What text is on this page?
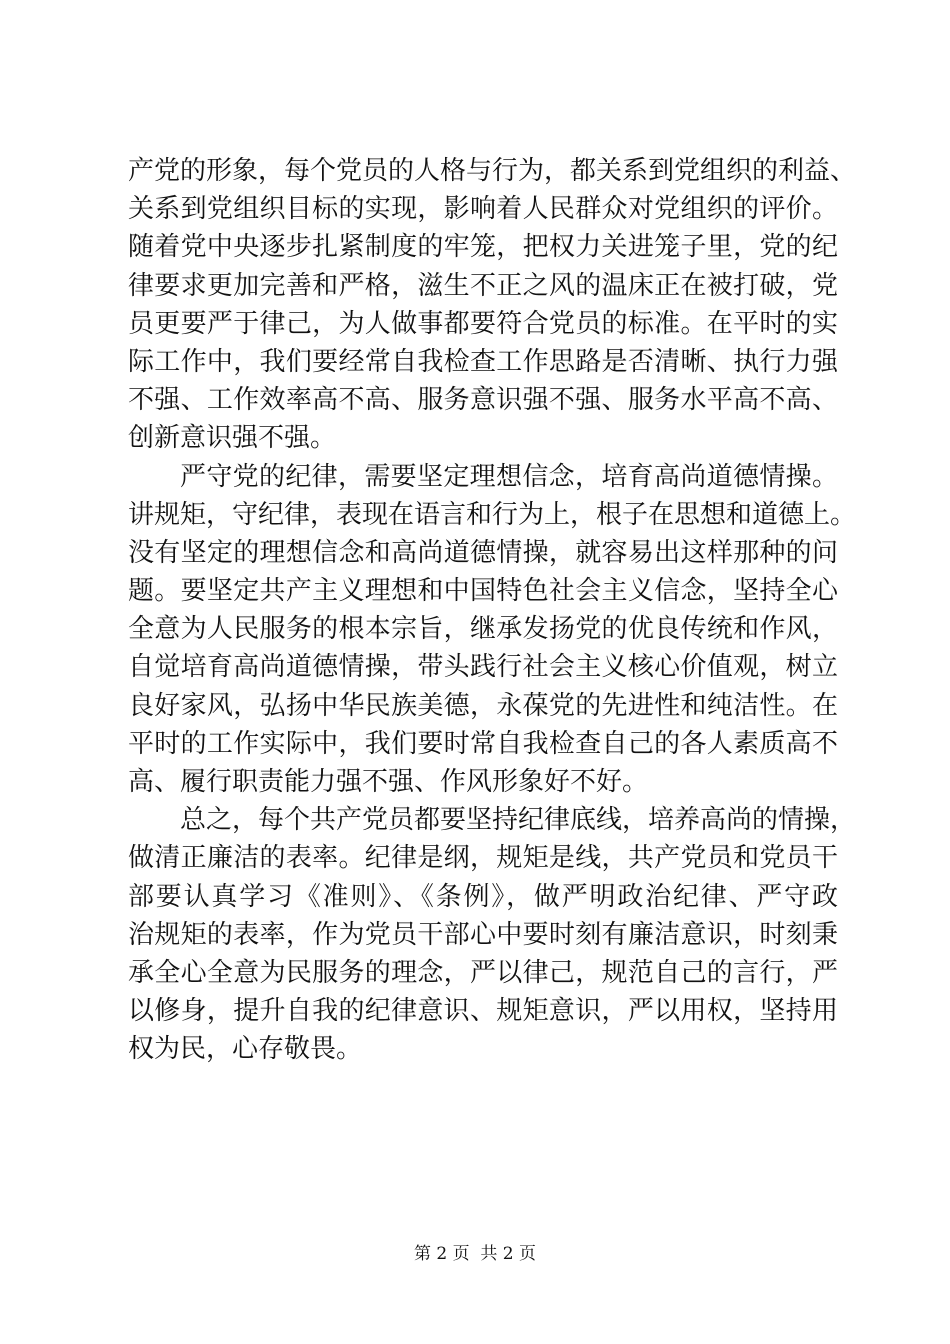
产党的形象，每个党员的人格与行为，都关系到党组织的利益、
关系到党组织目标的实现，影响着人民群众对党组织的评价。
随着党中央逐步扎紧制度的牢笼，把权力关进笼子里，党的纪
律要求更加完善和严格，滋生不正之风的温床正在被打破，党
员更要严于律己，为人做事都要符合党员的标准。在平时的实
际工作中，我们要经常自我检查工作思路是否清晰、执行力强
不强、工作效率高不高、服务意识强不强、服务水平高不高、
创新意识强不强。
严守党的纪律，需要坚定理想信念，培育高尚道德情操。
讲规矩，守纪律，表现在语言和行为上，根子在思想和道德上。
没有坚定的理想信念和高尚道德情操，就容易出这样那种的问
题。要坚定共产主义理想和中国特色社会主义信念，坚持全心
全意为人民服务的根本宗旨，继承发扬党的优良传统和作风，
自觉培育高尚道德情操，带头践行社会主义核心价值观，树立
良好家风，弘扬中华民族美德，永葆党的先进性和纯洁性。在
平时的工作实际中，我们要时常自我检查自己的各人素质高不
高、履行职责能力强不强、作风形象好不好。
总之，每个共产党员都要坚持纪律底线，培养高尚的情操，
做清正廉洁的表率。纪律是纲，规矩是线，共产党员和党员干
部要认真学习《准则》、《条例》，做严明政治纪律、严守政
治规矩的表率，作为党员干部心中要时刻有廉洁意识，时刻秉
承全心全意为民服务的理念，严以律己，规范自己的言行，严
以修身，提升自我的纪律意识、规矩意识，严以用权，坚持用
权为民，心存敬畏。
第 2 页  共 2 页
